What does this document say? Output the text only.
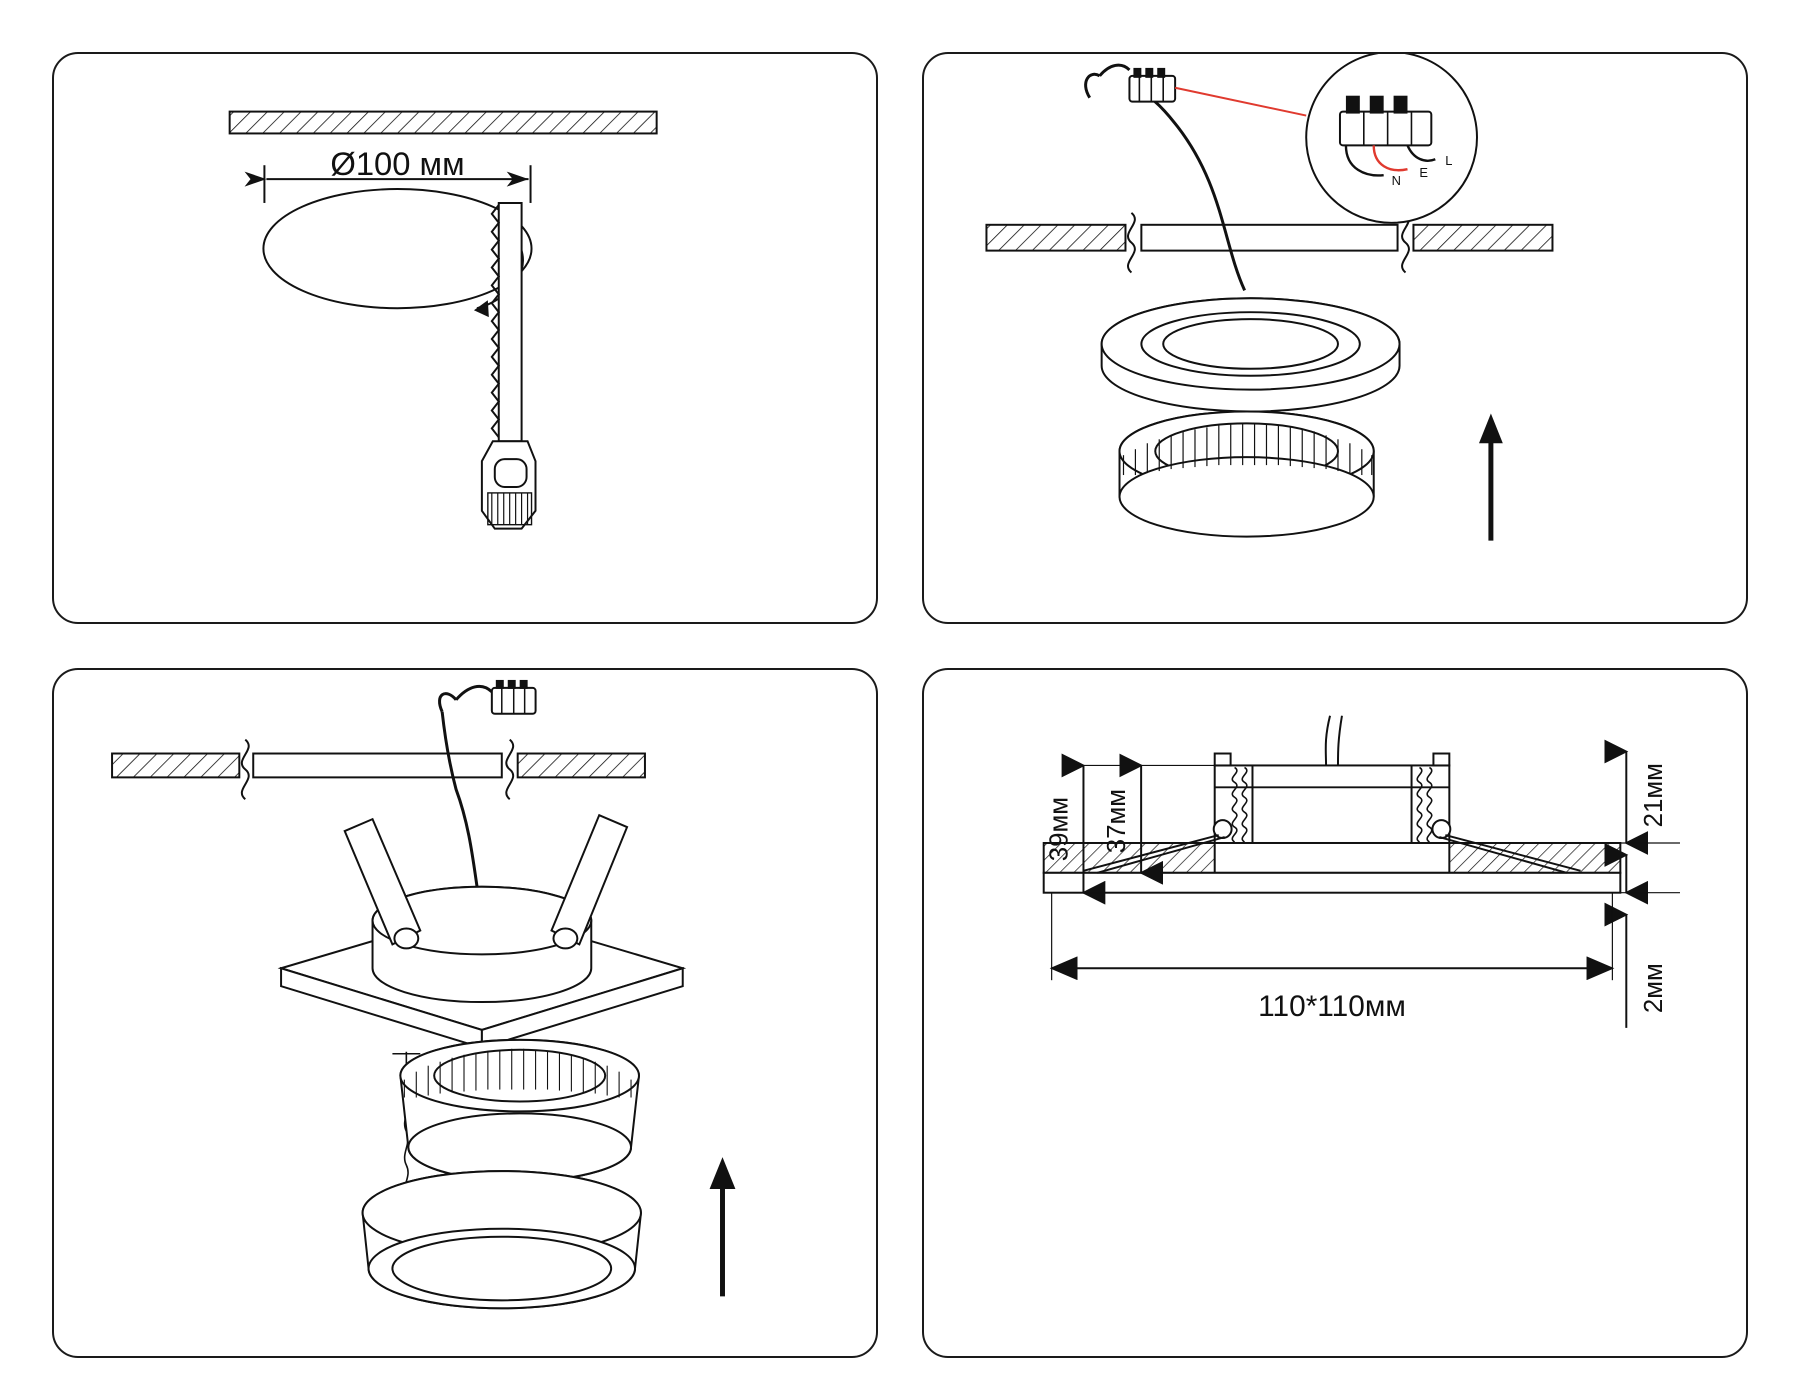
Ø100 мм	N
E
L
39мм 37мм	21мм
2мм
110*110мм
